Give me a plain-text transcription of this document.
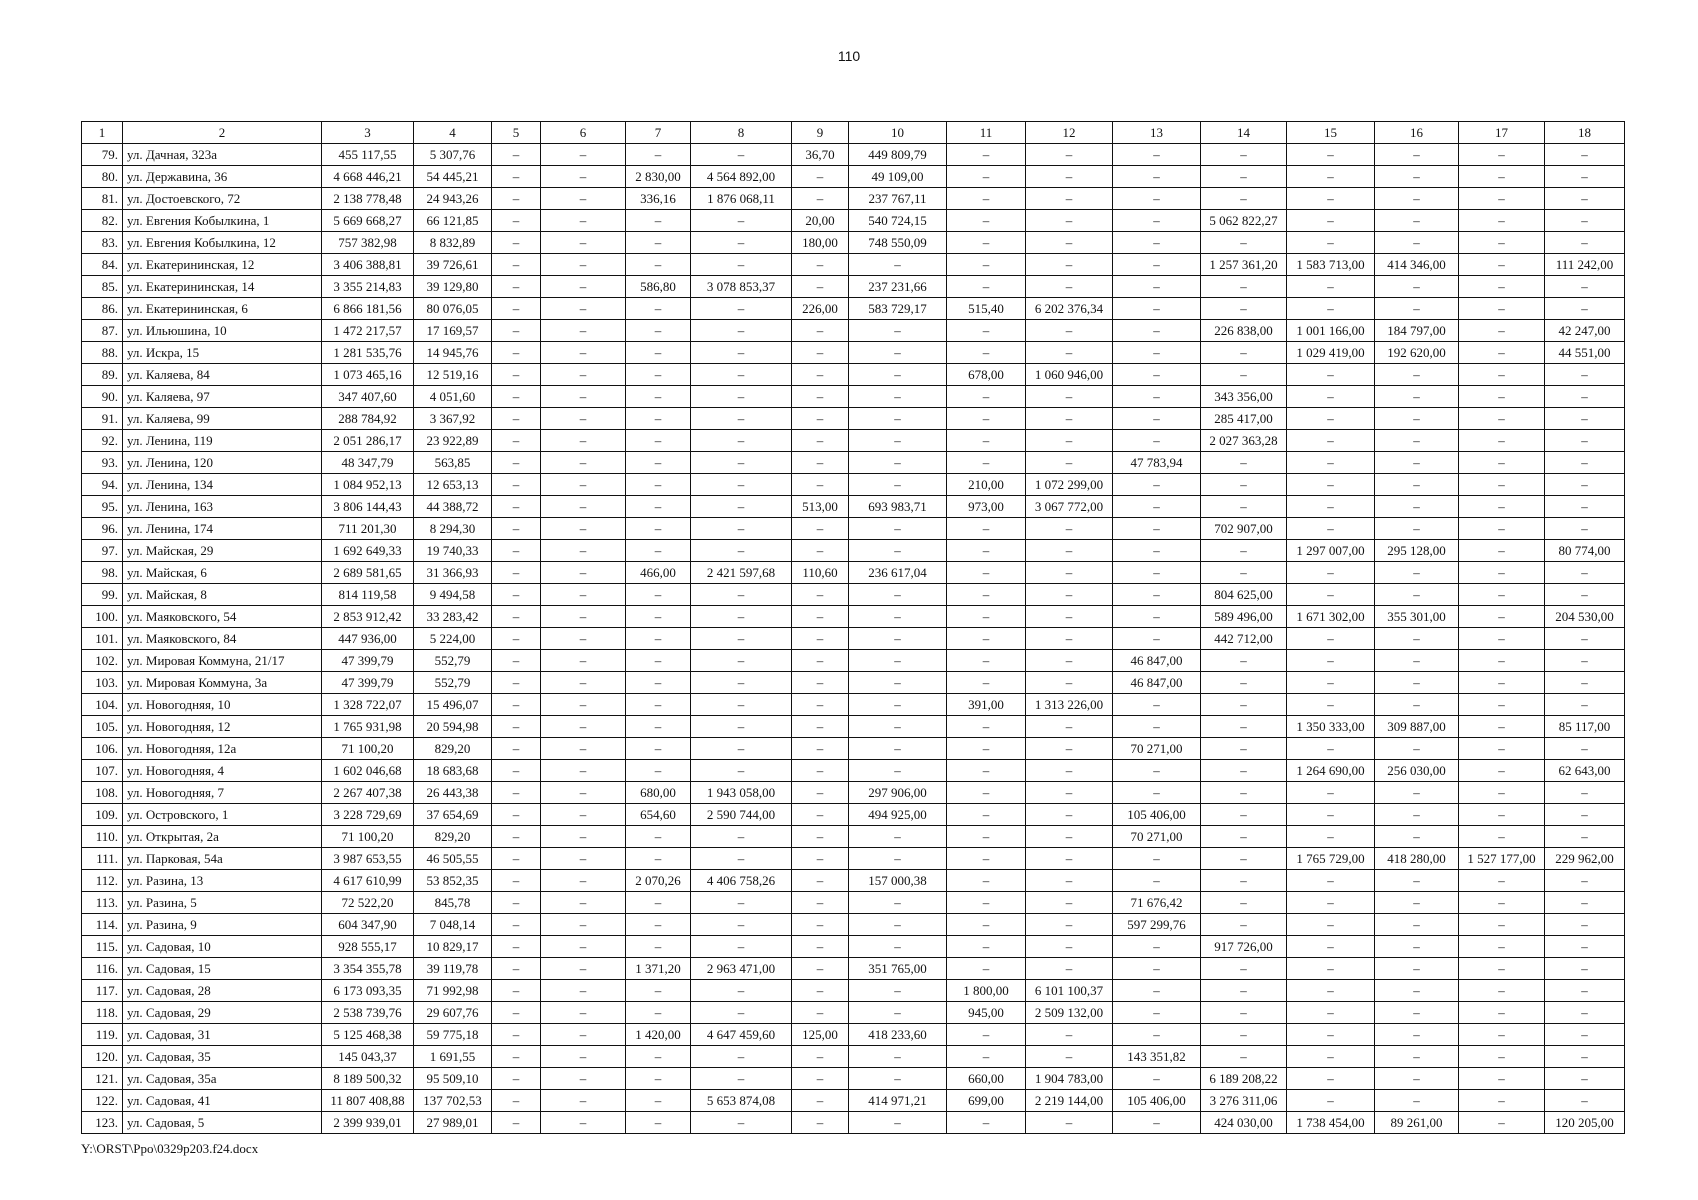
110
1	2	3	4	5	6	7	8	9	10	11	12	13	14	15	16	17	18
79.	ул. Дачная, 323а	455 117,55	5 307,76	–	–	–	–	36,70	449 809,79	–	–	–	–	–	–	–	–
80.	ул. Державина, 36	4 668 446,21	54 445,21	–	–	2 830,00	4 564 892,00	–	49 109,00	–	–	–	–	–	–	–	–
81.	ул. Достоевского, 72	2 138 778,48	24 943,26	–	–	336,16	1 876 068,11	–	237 767,11	–	–	–	–	–	–	–	–
82.	ул. Евгения Кобылкина, 1	5 669 668,27	66 121,85	–	–	–	–	20,00	540 724,15	–	–	–	5 062 822,27	–	–	–	–
83.	ул. Евгения Кобылкина, 12	757 382,98	8 832,89	–	–	–	–	180,00	748 550,09	–	–	–	–	–	–	–	–
84.	ул. Екатерининская, 12	3 406 388,81	39 726,61	–	–	–	–	–	–	–	–	–	1 257 361,20	1 583 713,00	414 346,00	–	111 242,00
85.	ул. Екатерининская, 14	3 355 214,83	39 129,80	–	–	586,80	3 078 853,37	–	237 231,66	–	–	–	–	–	–	–	–
86.	ул. Екатерининская, 6	6 866 181,56	80 076,05	–	–	–	–	226,00	583 729,17	515,40	6 202 376,34	–	–	–	–	–	–
87.	ул. Ильюшина, 10	1 472 217,57	17 169,57	–	–	–	–	–	–	–	–	–	226 838,00	1 001 166,00	184 797,00	–	42 247,00
88.	ул. Искра, 15	1 281 535,76	14 945,76	–	–	–	–	–	–	–	–	–	–	1 029 419,00	192 620,00	–	44 551,00
89.	ул. Каляева, 84	1 073 465,16	12 519,16	–	–	–	–	–	–	678,00	1 060 946,00	–	–	–	–	–	–
90.	ул. Каляева, 97	347 407,60	4 051,60	–	–	–	–	–	–	–	–	–	343 356,00	–	–	–	–
91.	ул. Каляева, 99	288 784,92	3 367,92	–	–	–	–	–	–	–	–	–	285 417,00	–	–	–	–
92.	ул. Ленина, 119	2 051 286,17	23 922,89	–	–	–	–	–	–	–	–	–	2 027 363,28	–	–	–	–
93.	ул. Ленина, 120	48 347,79	563,85	–	–	–	–	–	–	–	–	47 783,94	–	–	–	–	–
94.	ул. Ленина, 134	1 084 952,13	12 653,13	–	–	–	–	–	–	210,00	1 072 299,00	–	–	–	–	–	–
95.	ул. Ленина, 163	3 806 144,43	44 388,72	–	–	–	–	513,00	693 983,71	973,00	3 067 772,00	–	–	–	–	–	–
96.	ул. Ленина, 174	711 201,30	8 294,30	–	–	–	–	–	–	–	–	–	702 907,00	–	–	–	–
97.	ул. Майская, 29	1 692 649,33	19 740,33	–	–	–	–	–	–	–	–	–	–	1 297 007,00	295 128,00	–	80 774,00
98.	ул. Майская, 6	2 689 581,65	31 366,93	–	–	466,00	2 421 597,68	110,60	236 617,04	–	–	–	–	–	–	–	–
99.	ул. Майская, 8	814 119,58	9 494,58	–	–	–	–	–	–	–	–	–	804 625,00	–	–	–	–
100.	ул. Маяковского, 54	2 853 912,42	33 283,42	–	–	–	–	–	–	–	–	–	589 496,00	1 671 302,00	355 301,00	–	204 530,00
101.	ул. Маяковского, 84	447 936,00	5 224,00	–	–	–	–	–	–	–	–	–	442 712,00	–	–	–	–
102.	ул. Мировая Коммуна, 21/17	47 399,79	552,79	–	–	–	–	–	–	–	–	46 847,00	–	–	–	–	–
103.	ул. Мировая Коммуна, 3а	47 399,79	552,79	–	–	–	–	–	–	–	–	46 847,00	–	–	–	–	–
104.	ул. Новогодняя, 10	1 328 722,07	15 496,07	–	–	–	–	–	–	391,00	1 313 226,00	–	–	–	–	–	–
105.	ул. Новогодняя, 12	1 765 931,98	20 594,98	–	–	–	–	–	–	–	–	–	–	1 350 333,00	309 887,00	–	85 117,00
106.	ул. Новогодняя, 12а	71 100,20	829,20	–	–	–	–	–	–	–	–	70 271,00	–	–	–	–	–
107.	ул. Новогодняя, 4	1 602 046,68	18 683,68	–	–	–	–	–	–	–	–	–	–	1 264 690,00	256 030,00	–	62 643,00
108.	ул. Новогодняя, 7	2 267 407,38	26 443,38	–	–	680,00	1 943 058,00	–	297 906,00	–	–	–	–	–	–	–	–
109.	ул. Островского, 1	3 228 729,69	37 654,69	–	–	654,60	2 590 744,00	–	494 925,00	–	–	105 406,00	–	–	–	–	–
110.	ул. Открытая, 2а	71 100,20	829,20	–	–	–	–	–	–	–	–	70 271,00	–	–	–	–	–
111.	ул. Парковая, 54а	3 987 653,55	46 505,55	–	–	–	–	–	–	–	–	–	–	1 765 729,00	418 280,00	1 527 177,00	229 962,00
112.	ул. Разина, 13	4 617 610,99	53 852,35	–	–	2 070,26	4 406 758,26	–	157 000,38	–	–	–	–	–	–	–	–
113.	ул. Разина, 5	72 522,20	845,78	–	–	–	–	–	–	–	–	71 676,42	–	–	–	–	–
114.	ул. Разина, 9	604 347,90	7 048,14	–	–	–	–	–	–	–	–	597 299,76	–	–	–	–	–
115.	ул. Садовая, 10	928 555,17	10 829,17	–	–	–	–	–	–	–	–	–	917 726,00	–	–	–	–
116.	ул. Садовая, 15	3 354 355,78	39 119,78	–	–	1 371,20	2 963 471,00	–	351 765,00	–	–	–	–	–	–	–	–
117.	ул. Садовая, 28	6 173 093,35	71 992,98	–	–	–	–	–	–	1 800,00	6 101 100,37	–	–	–	–	–	–
118.	ул. Садовая, 29	2 538 739,76	29 607,76	–	–	–	–	–	–	945,00	2 509 132,00	–	–	–	–	–	–
119.	ул. Садовая, 31	5 125 468,38	59 775,18	–	–	1 420,00	4 647 459,60	125,00	418 233,60	–	–	–	–	–	–	–	–
120.	ул. Садовая, 35	145 043,37	1 691,55	–	–	–	–	–	–	–	–	143 351,82	–	–	–	–	–
121.	ул. Садовая, 35а	8 189 500,32	95 509,10	–	–	–	–	–	–	660,00	1 904 783,00	–	6 189 208,22	–	–	–	–
122.	ул. Садовая, 41	11 807 408,88	137 702,53	–	–	–	5 653 874,08	–	414 971,21	699,00	2 219 144,00	105 406,00	3 276 311,06	–	–	–	–
123.	ул. Садовая, 5	2 399 939,01	27 989,01	–	–	–	–	–	–	–	–	–	424 030,00	1 738 454,00	89 261,00	–	120 205,00
Y:\ORST\Ppo\0329p203.f24.docx
